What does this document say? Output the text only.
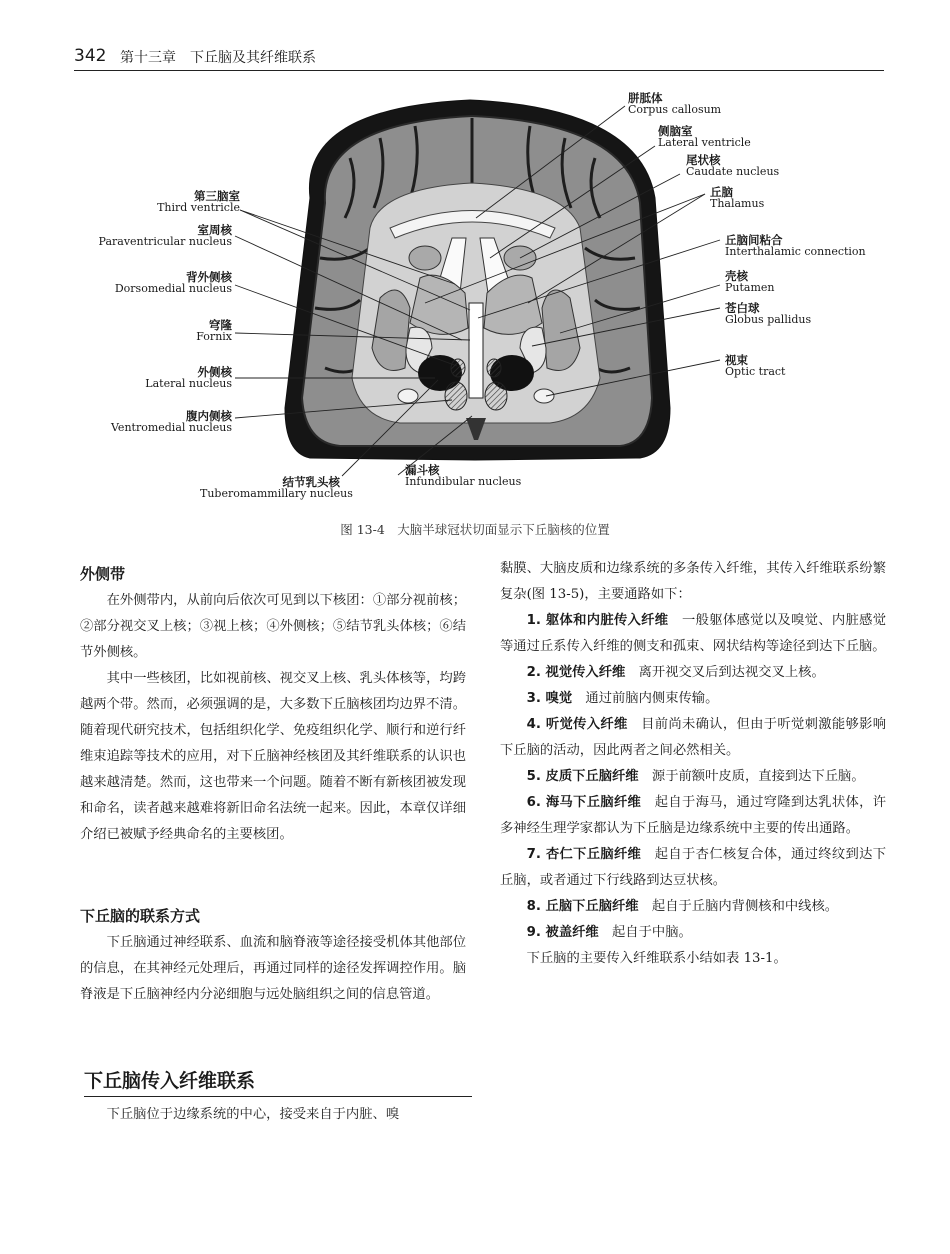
342 第十三章　下丘脑及其纤维联系
第三脑室
Third ventricle
室周核
Paraventricular nucleus
背外侧核
Dorsomedial nucleus
穹隆
Fornix
外侧核
Lateral nucleus
腹内侧核
Ventromedial nucleus
胼胝体
Corpus callosum
侧脑室
Lateral ventricle
尾状核
Caudate nucleus
丘脑
Thalamus
丘脑间粘合
Interthalamic connection
壳核
Putamen
苍白球
Globus pallidus
视束
Optic tract
结节乳头核
Tuberomammillary nucleus
漏斗核
Infundibular nucleus
图 13-4　大脑半球冠状切面显示下丘脑核的位置
外侧带

在外侧带内，从前向后依次可见到以下核团：①部分视前核；②部分视交叉上核；③视上核；④外侧核；⑤结节乳头体核；⑥结节外侧核。

其中一些核团，比如视前核、视交叉上核、乳头体核等，均跨越两个带。然而，必须强调的是，大多数下丘脑核团均边界不清。随着现代研究技术，包括组织化学、免疫组织化学、顺行和逆行纤维束追踪等技术的应用，对下丘脑神经核团及其纤维联系的认识也越来越清楚。然而，这也带来一个问题。随着不断有新核团被发现和命名，读者越来越难将新旧命名法统一起来。因此，本章仅详细介绍已被赋予经典命名的主要核团。

下丘脑的联系方式

下丘脑通过神经联系、血流和脑脊液等途径接受机体其他部位的信息，在其神经元处理后，再通过同样的途径发挥调控作用。脑脊液是下丘脑神经内分泌细胞与远处脑组织之间的信息管道。

下丘脑传入纤维联系

下丘脑位于边缘系统的中心，接受来自于内脏、嗅

黏膜、大脑皮质和边缘系统的多条传入纤维，其传入纤维联系纷繁复杂(图 13-5)，主要通路如下：

1. 躯体和内脏传入纤维　一般躯体感觉以及嗅觉、内脏感觉等通过丘系传入纤维的侧支和孤束、网状结构等途径到达下丘脑。

2. 视觉传入纤维　离开视交叉后到达视交叉上核。

3. 嗅觉　通过前脑内侧束传输。

4. 听觉传入纤维　目前尚未确认，但由于听觉刺激能够影响下丘脑的活动，因此两者之间必然相关。

5. 皮质下丘脑纤维　源于前额叶皮质，直接到达下丘脑。

6. 海马下丘脑纤维　起自于海马，通过穹隆到达乳状体，许多神经生理学家都认为下丘脑是边缘系统中主要的传出通路。

7. 杏仁下丘脑纤维　起自于杏仁核复合体，通过终纹到达下丘脑，或者通过下行线路到达豆状核。

8. 丘脑下丘脑纤维　起自于丘脑内背侧核和中线核。

9. 被盖纤维　起自于中脑。

下丘脑的主要传入纤维联系小结如表 13-1。
